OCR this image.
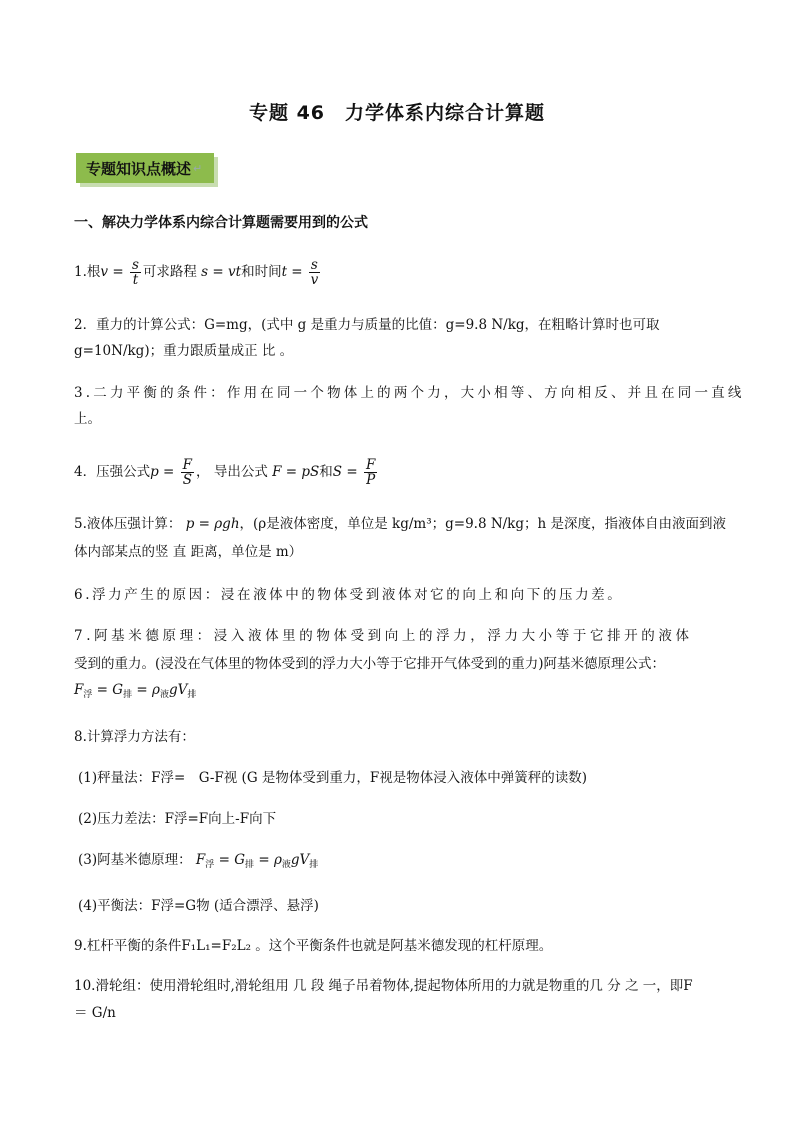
专题 46　力学体系内综合计算题
专题知识点概述 ↵
一、解决力学体系内综合计算题需要用到的公式
1.根$v = \frac{s}{t}$ 可求路程 s = vt和时间$t = \frac{s}{v}$
2．重力的计算公式：G=mg，(式中 g 是重力与质量的比值：g=9.8 N/kg，在粗略计算时也可取
g=10N/kg)；重力跟质量成正 比 。
3.二力平衡的条件：作用在同一个物体上的两个力，大小相等、方向相反、并且在同一直线
上。
4．压强公式$p = \frac{F}{S}$ ， 导出公式 F = pS和$S = \frac{F}{P}$
5.液体压强计算： p = ρgh，(ρ是液体密度，单位是 kg/m³；g=9.8 N/kg；h 是深度，指液体自由液面到液
体内部某点的竖 直 距离，单位是 m）
6.浮力产生的原因：浸在液体中的物体受到液体对它的向上和向下的压力差。
7.阿基米德原理：浸入液体里的物体受到向上的浮力，浮力大小等于它排开的液体
受到的重力。(浸没在气体里的物体受到的浮力大小等于它排开气体受到的重力)阿基米德原理公式：
$F_浮 = G_排 = \rho_液gV_排$
8.计算浮力方法有：
(1)秤量法：F浮=　G-F视 (G 是物体受到重力，F视是物体浸入液体中弹簧秤的读数)
(2)压力差法：F浮=F向上-F向下
(3)阿基米德原理： $F_浮 = G_排 = \rho_液gV_排$
(4)平衡法：F浮=G物 (适合漂浮、悬浮)
9.杠杆平衡的条件F₁L₁=F₂L₂ 。这个平衡条件也就是阿基米德发现的杠杆原理。
10.滑轮组：使用滑轮组时,滑轮组用 几 段 绳子吊着物体,提起物体所用的力就是物重的几 分 之 一，即F
＝ G/n
